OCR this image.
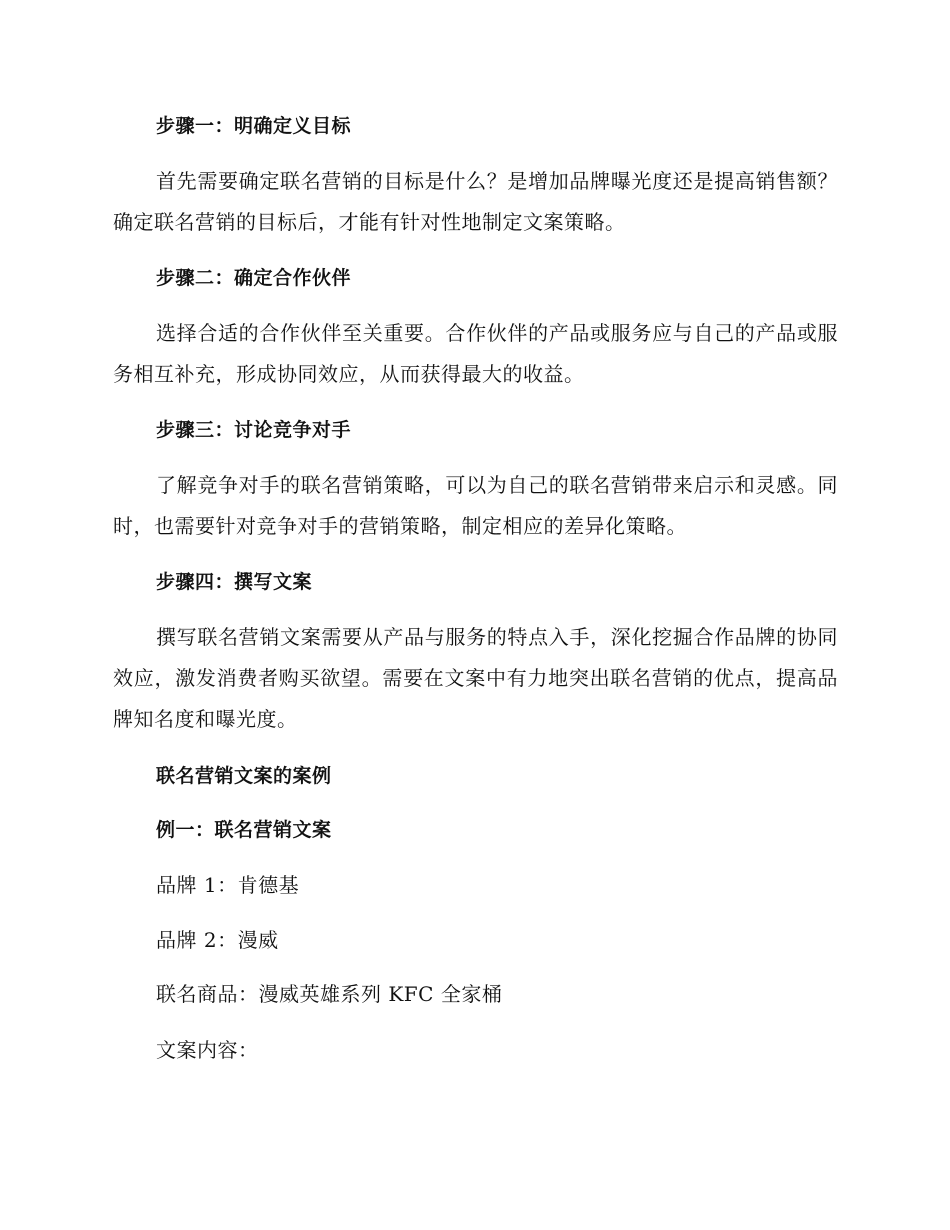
步骤一：明确定义目标

首先需要确定联名营销的目标是什么？是增加品牌曝光度还是提高销售额？确定联名营销的目标后，才能有针对性地制定文案策略。

步骤二：确定合作伙伴

选择合适的合作伙伴至关重要。合作伙伴的产品或服务应与自己的产品或服务相互补充，形成协同效应，从而获得最大的收益。

步骤三：讨论竞争对手

了解竞争对手的联名营销策略，可以为自己的联名营销带来启示和灵感。同时，也需要针对竞争对手的营销策略，制定相应的差异化策略。

步骤四：撰写文案

撰写联名营销文案需要从产品与服务的特点入手，深化挖掘合作品牌的协同效应，激发消费者购买欲望。需要在文案中有力地突出联名营销的优点，提高品牌知名度和曝光度。

联名营销文案的案例

例一：联名营销文案

品牌 1：肯德基

品牌 2：漫威

联名商品：漫威英雄系列 KFC 全家桶

文案内容：
